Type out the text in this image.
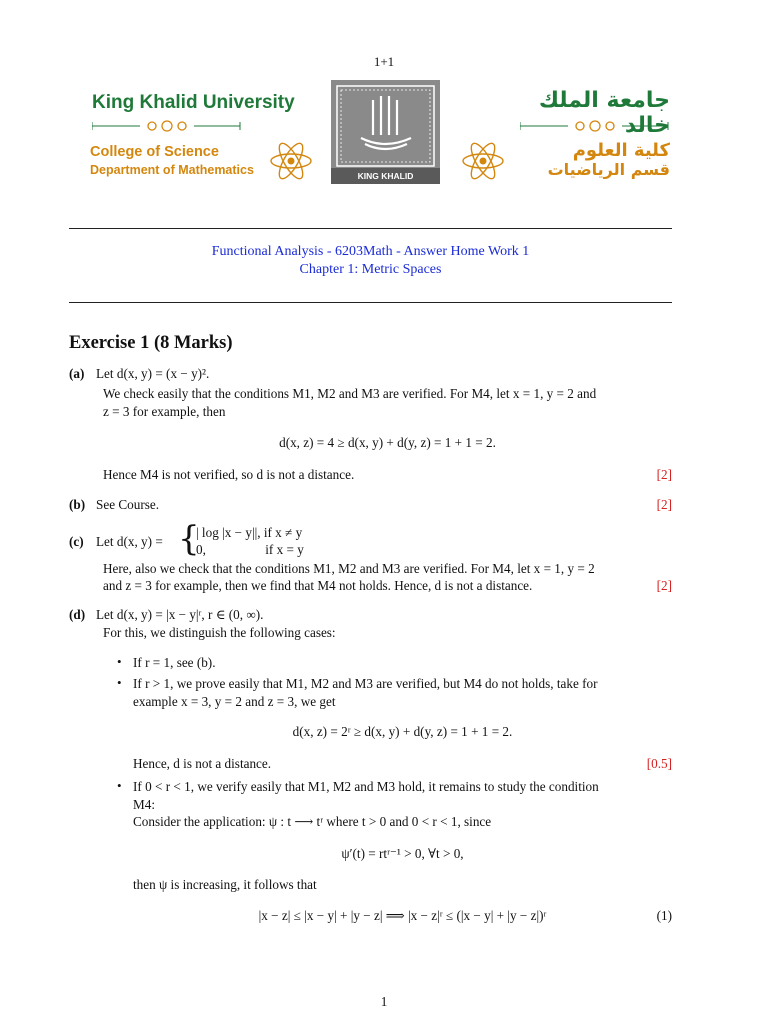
1+1
King Khalid University
College of Science
Department of Mathematics	KING KHALID UNIVERSITY
جامعة الملك خالد
كلية العلوم
قسم الرياضيات
Functional Analysis - 6203Math - Answer Home Work 1
Chapter 1: Metric Spaces
Exercise 1 (8 Marks)
(a) Let d(x, y) = (x − y)².
We check easily that the conditions M1, M2 and M3 are verified. For M4, let x = 1, y = 2 and
z = 3 for example, then
d(x, z) = 4 ≥ d(x, y) + d(y, z) = 1 + 1 = 2.
Hence M4 is not verified, so d is not a distance.	[2]
(b) See Course.	[2]
(c) Let d(x, y) = {
| log |x − y||, if x ≠ y
0,                  if x = y
Here, also we check that the conditions M1, M2 and M3 are verified. For M4, let x = 1, y = 2
and z = 3 for example, then we find that M4 not holds. Hence, d is not a distance.	[2]
(d) Let d(x, y) = |x − y|ʳ, r ∈ (0, ∞).
For this, we distinguish the following cases:
• If r = 1, see (b).
• If r > 1, we prove easily that M1, M2 and M3 are verified, but M4 do not holds, take for
example x = 3, y = 2 and z = 3, we get
d(x, z) = 2ʳ ≥ d(x, y) + d(y, z) = 1 + 1 = 2.
Hence, d is not a distance.	[0.5]
• If 0 < r < 1, we verify easily that M1, M2 and M3 hold, it remains to study the condition
M4:
Consider the application: ψ : t ⟶ tʳ where t > 0 and 0 < r < 1, since
ψ′(t) = rtʳ⁻¹ > 0, ∀t > 0,
then ψ is increasing, it follows that
|x − z| ≤ |x − y| + |y − z| ⟹ |x − z|ʳ ≤ (|x − y| + |y − z|)ʳ	(1)
1
